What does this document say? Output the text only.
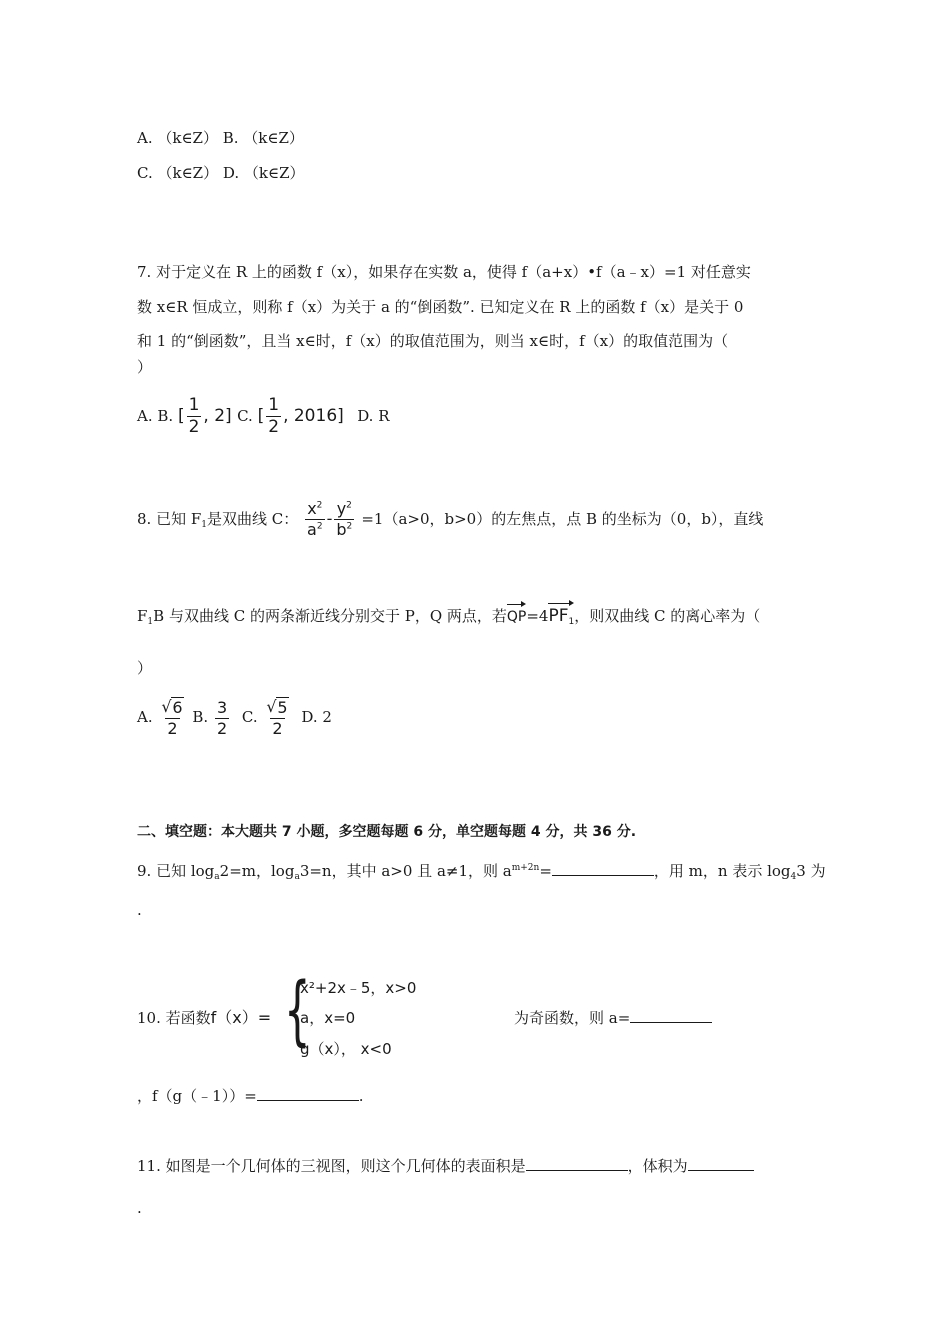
A. （k∈Z） B. （k∈Z）
C. （k∈Z） D. （k∈Z）
7. 对于定义在 R 上的函数 f（x），如果存在实数 a，使得 f（a+x）•f（a﹣x）=1 对任意实
数 x∈R 恒成立，则称 f（x）为关于 a 的“倒函数”. 已知定义在 R 上的函数 f（x）是关于 0
和 1 的“倒函数”，且当 x∈时，f（x）的取值范围为，则当 x∈时，f（x）的取值范围为（
）
A. B. [ $\frac{1}{2}$ , 2] C. [ $\frac{1}{2}$ , 2016] D. R
8. 已知 $F_1$是双曲线 C： $\frac{x^2}{a^2} - \frac{y^2}{b^2} =1(a>0$，b>0）的左焦点，点 B 的坐标为（0，b），直线
$F_1B$ 与双曲线 C 的两条渐近线分别交于 P，Q 两点，若$QP=4PF_1$，则双曲线 C 的离心率为（
）
A. √ $\frac{6}{2} B$. $\frac{3}{2} C$. √ $\frac{5}{2} D$. 2
二、填空题：本大题共 7 小题，多空题每题 6 分，单空题每题 4 分，共 36 分.
9. 已知 $\log_a2=m$，$\log_a3=n$，其中 a>0 且 a≠1，则 $a^{m+2n}=$	，用 m，n 表示 $\log_43$ 为
.
10. 若函数f（x）= {
x²+2x﹣5，x>0
a，x=0
g（x）， x<0
为奇函数，则 a=
，f（g（﹣1））=	.
11. 如图是一个几何体的三视图，则这个几何体的表面积是	，体积为
.
